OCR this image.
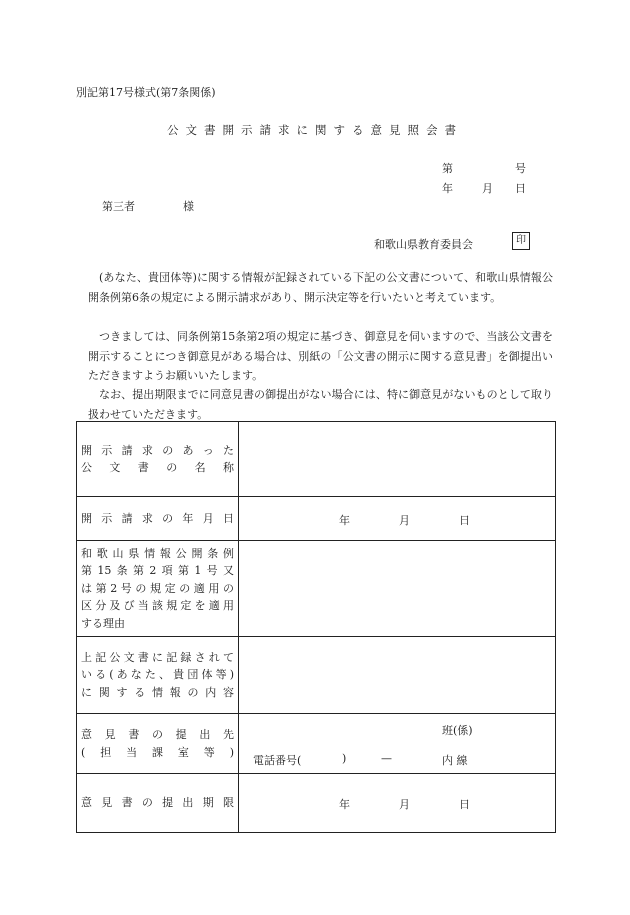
別記第17号様式(第7条関係)
公文書開示請求に関する意見照会書
第	号
年	月 日
第三者	様
和歌山県教育委員会	印
(あなた、貴団体等)に関する情報が記録されている下記の公文書について、和歌山県情報公開条例第6条の規定による開示請求があり、開示決定等を行いたいと考えています。
つきましては、同条例第15条第2項の規定に基づき、御意見を伺いますので、当該公文書を開示することにつき御意見がある場合は、別紙の「公文書の開示に関する意見書」を御提出いただきますようお願いいたします。
なお、提出期限までに同意見書の御提出がない場合には、特に御意見がないものとして取り扱わせていただきます。
開示請求のあった
公文書の名称	

開示請求の年月日	年 月 日

和歌山県情報公開条例
第15条第2項第1号又
は第2号の規定の適用の
区分及び当該規定を適用
する理由	

上記公文書に記録されて
いる(あなた、貴団体等)
に関する情報の内容	

意見書の提出先
(担当課室等)	班(係)
電話番号( ) — 内 線

意見書の提出期限	年 月 日
